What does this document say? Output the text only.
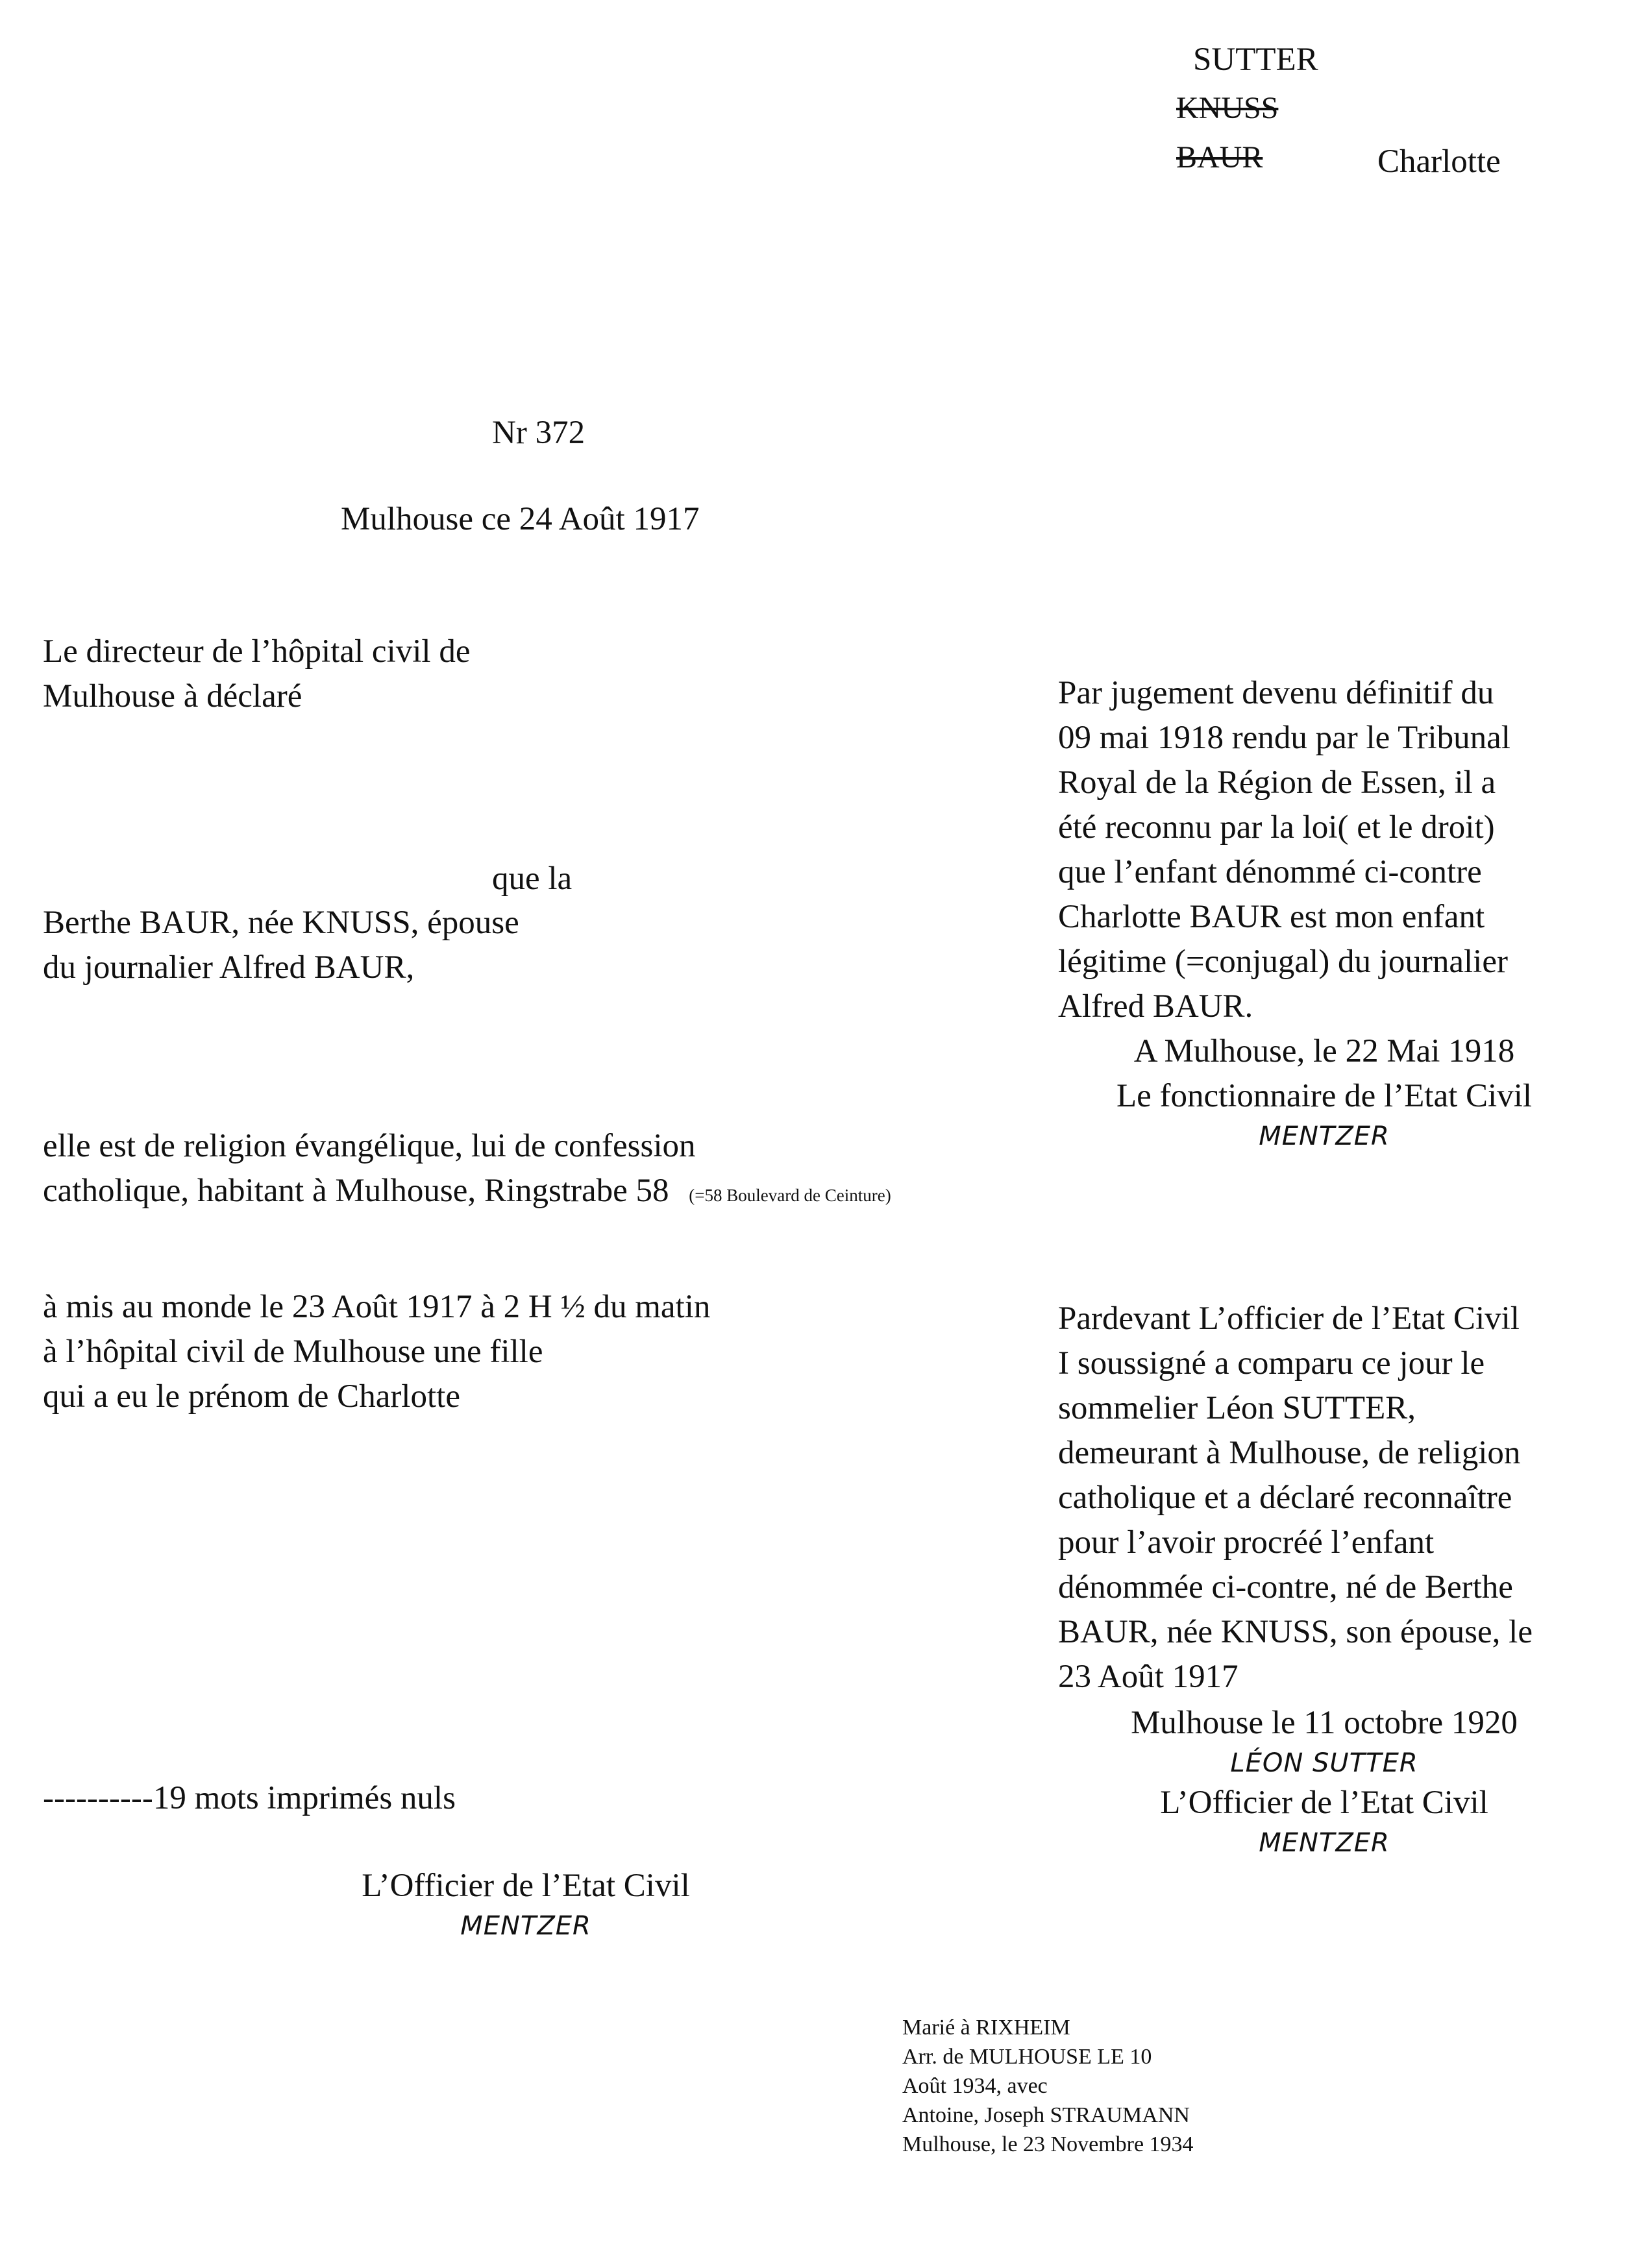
SUTTER
KNUSS
BAUR	Charlotte
Nr 372
Mulhouse ce 24 Août 1917
Le directeur de l’hôpital civil de
Mulhouse à déclaré
que la
Berthe BAUR, née KNUSS, épouse
du journalier Alfred BAUR,
elle est de religion évangélique, lui de confession
catholique, habitant à Mulhouse, Ringstrabe 58 (=58 Boulevard de Ceinture)
à mis au monde le 23 Août 1917 à 2 H ½ du matin
à l’hôpital civil de Mulhouse une fille
qui a eu le prénom de Charlotte
----------19 mots imprimés nuls
L’Officier de l’Etat Civil
MENTZER
Par jugement devenu définitif du
09 mai 1918 rendu par le Tribunal
Royal de la Région de Essen, il a
été reconnu par la loi( et le droit)
que l’enfant dénommé ci-contre
Charlotte BAUR est mon enfant
légitime (=conjugal) du journalier
Alfred BAUR.
A Mulhouse, le 22 Mai 1918
Le fonctionnaire de l’Etat Civil
MENTZER
Pardevant L’officier de l’Etat Civil
I soussigné a comparu ce jour le
sommelier Léon SUTTER,
demeurant à Mulhouse, de religion
catholique et a déclaré reconnaître
pour l’avoir procréé l’enfant
dénommée ci-contre, né de Berthe
BAUR, née KNUSS, son épouse, le
23 Août 1917
Mulhouse le 11 octobre 1920
LÉON SUTTER
L’Officier de l’Etat Civil
MENTZER
Marié à RIXHEIM
Arr. de MULHOUSE LE 10
Août 1934, avec
Antoine, Joseph STRAUMANN
Mulhouse, le 23 Novembre 1934
